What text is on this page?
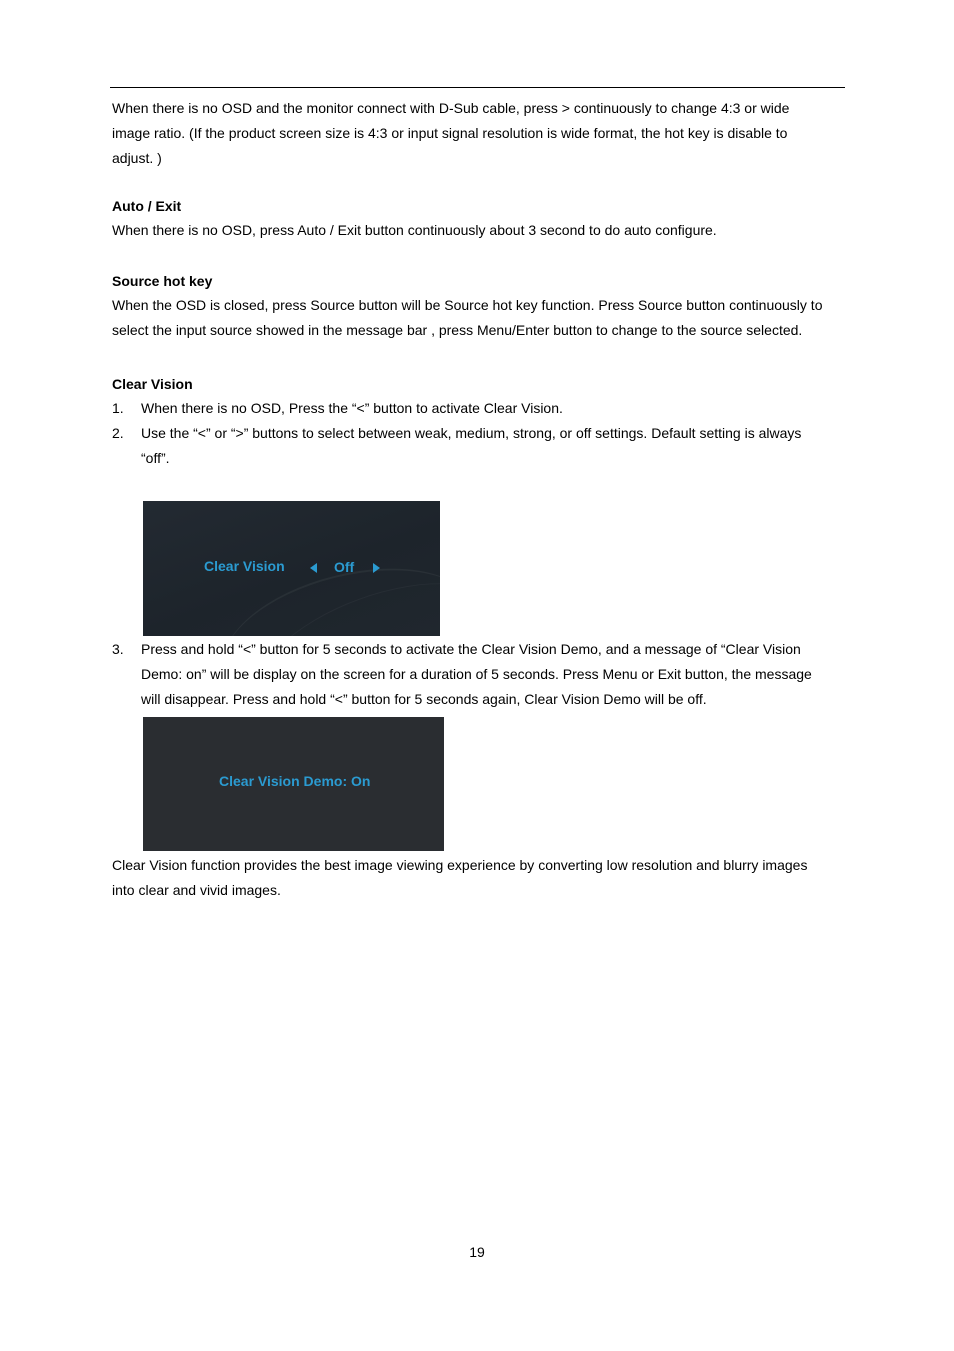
When there is no OSD and the monitor connect with D-Sub cable, press > continuously to change 4:3 or wide
image ratio. (If the product screen size is 4:3 or input signal resolution is wide format, the hot key is disable to
adjust. )
Auto / Exit
When there is no OSD, press Auto / Exit button continuously about 3 second to do auto configure.
Source hot key
When the OSD is closed, press Source button will be Source hot key function. Press Source button continuously to
select the input source showed in the message bar , press Menu/Enter button to change to the source selected.
Clear Vision
1. When there is no OSD, Press the “<” button to activate Clear Vision.
2. Use the “<” or “>” buttons to select between weak, medium, strong, or off settings. Default setting is always
“off”.
Clear Vision	Off
3. Press and hold “<” button for 5 seconds to activate the Clear Vision Demo, and a message of “Clear Vision
Demo: on” will be display on the screen for a duration of 5 seconds. Press Menu or Exit button, the message
will disappear. Press and hold “<” button for 5 seconds again, Clear Vision Demo will be off.
Clear Vision Demo: On
Clear Vision function provides the best image viewing experience by converting low resolution and blurry images
into clear and vivid images.
19
